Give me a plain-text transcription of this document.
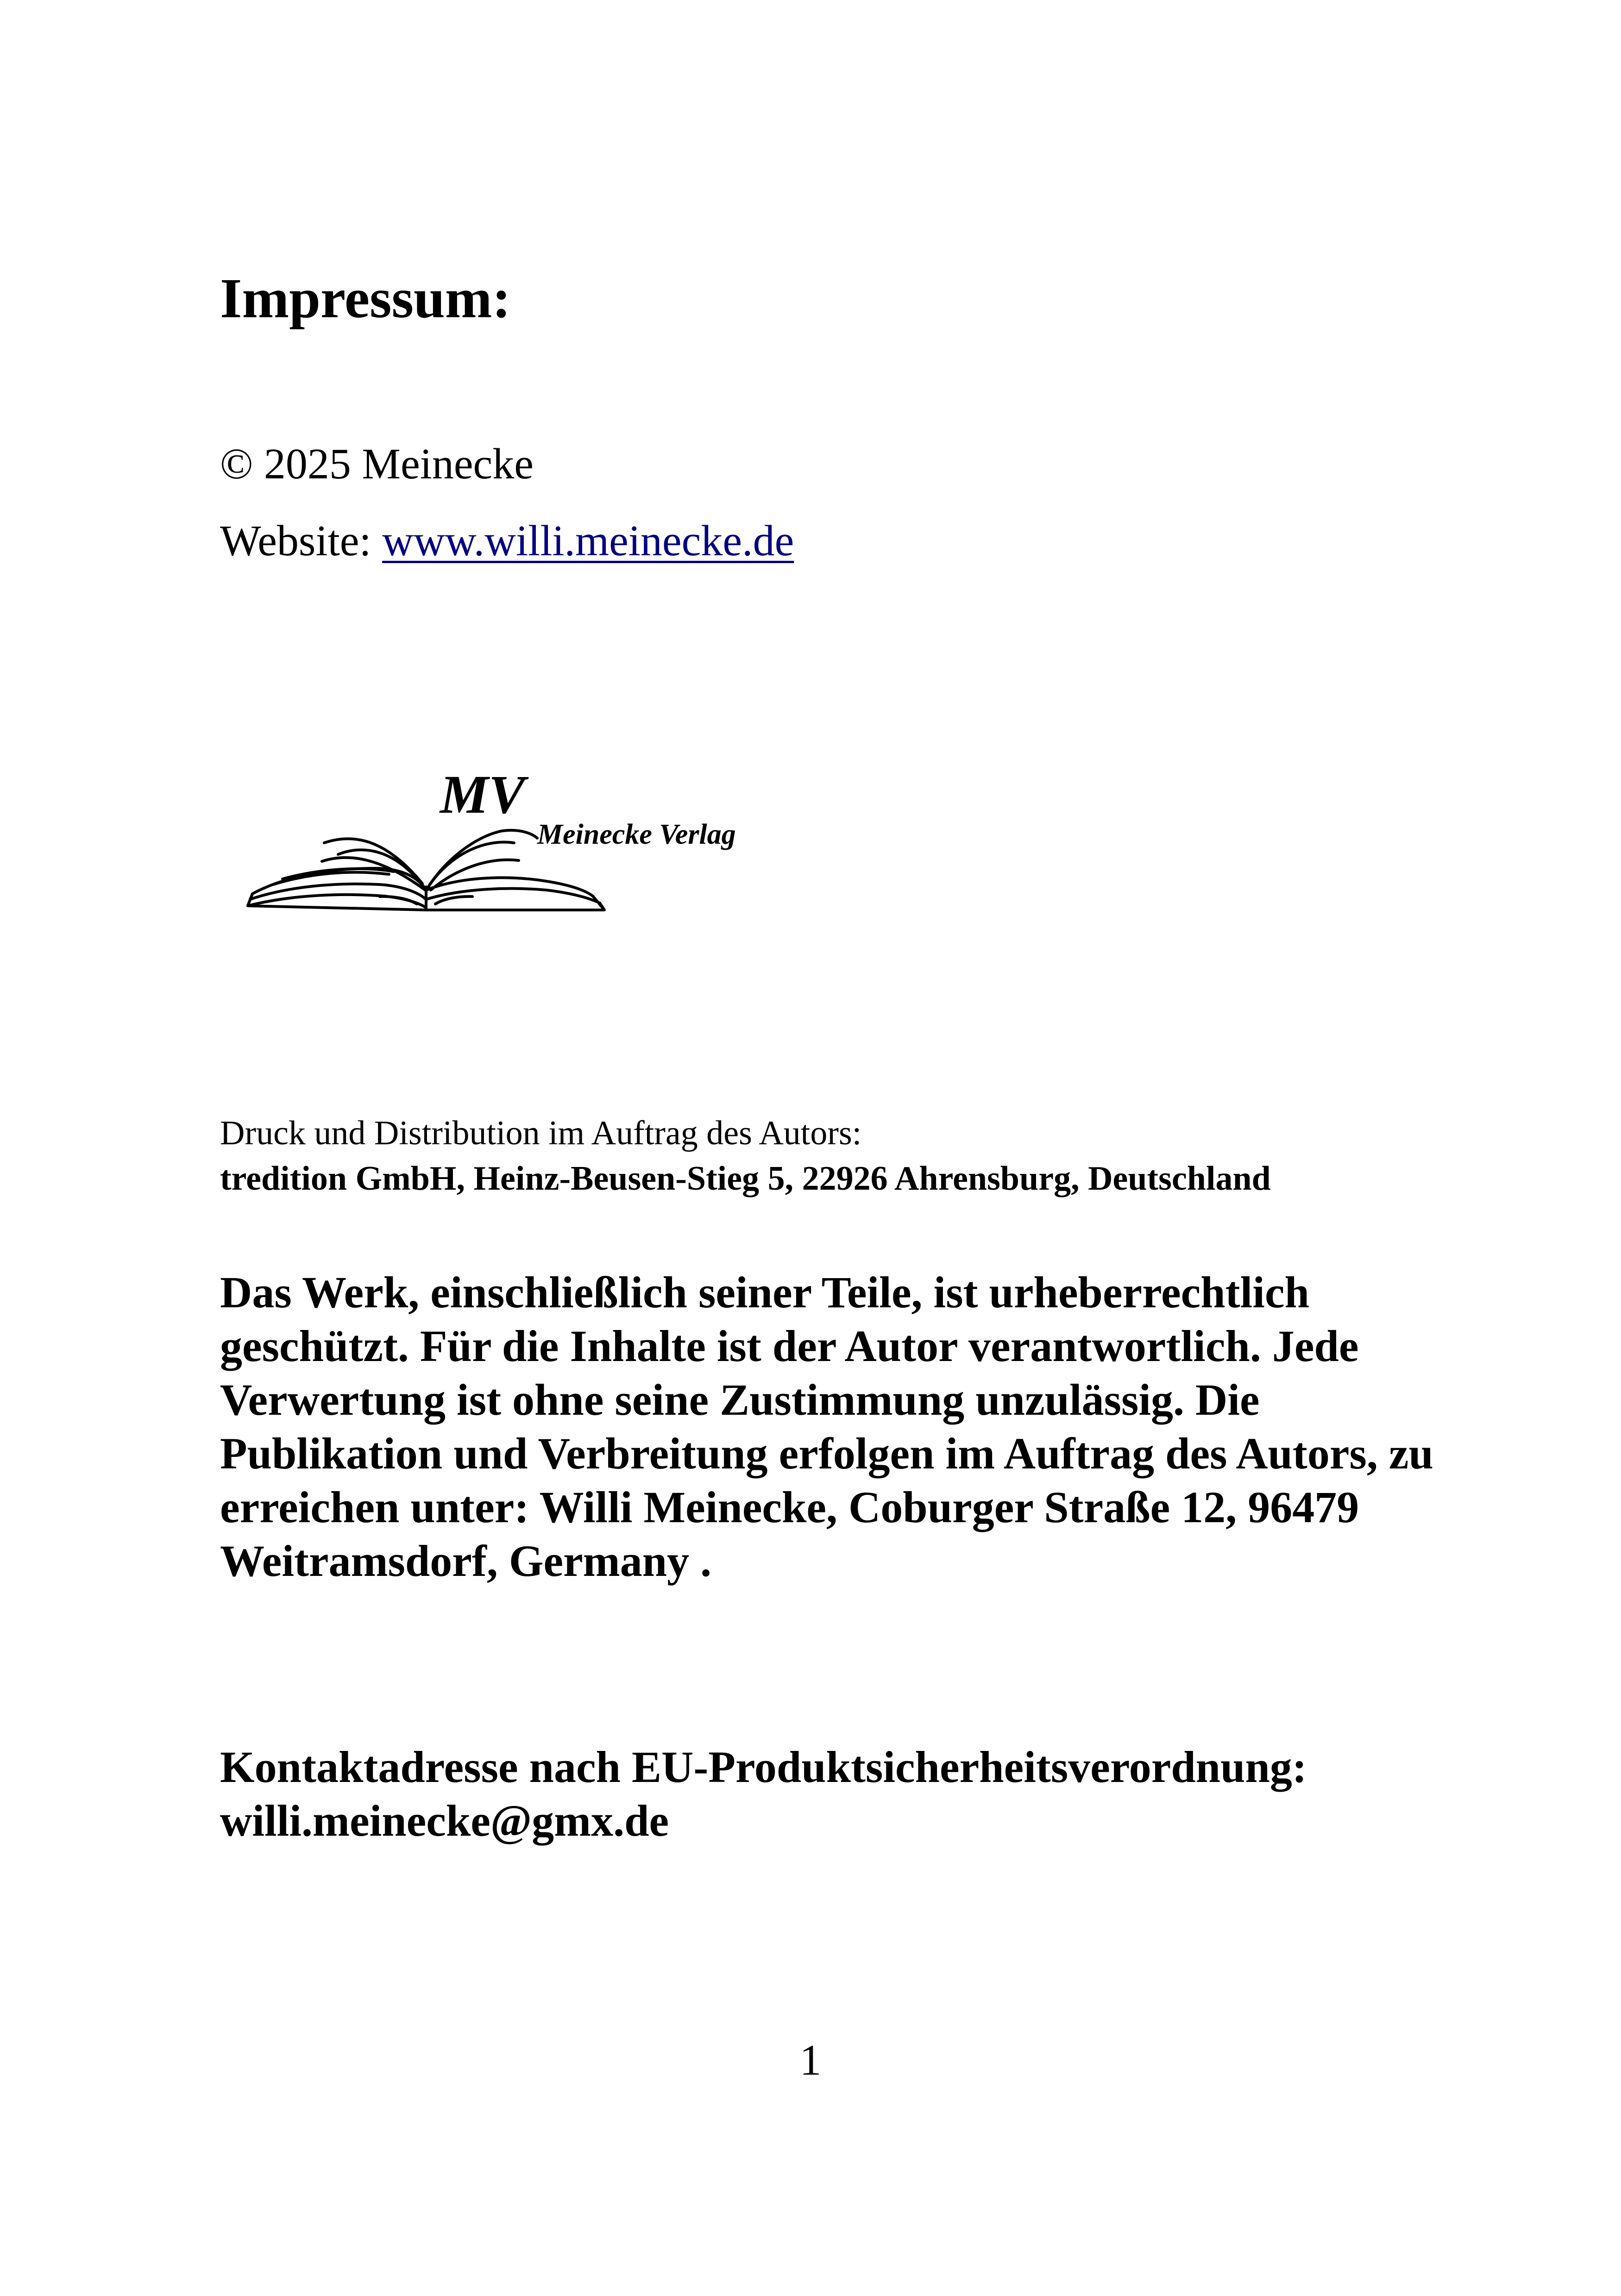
Impressum:
© 2025 Meinecke
Website: www.willi.meinecke.de
MV
Meinecke Verlag
Druck und Distribution im Auftrag des Autors:
tredition GmbH, Heinz-Beusen-Stieg 5, 22926 Ahrensburg, Deutschland
Das Werk, einschließlich seiner Teile, ist urheberrechtlich geschützt. Für die Inhalte ist der Autor verantwortlich. Jede Verwertung ist ohne seine Zustimmung unzulässig. Die Publikation und Verbreitung erfolgen im Auftrag des Autors, zu erreichen unter: Willi Meinecke, Coburger Straße 12, 96479 Weitramsdorf, Germany .
Kontaktadresse nach EU-Produktsicherheitsverordnung:
willi.meinecke@gmx.de
1
